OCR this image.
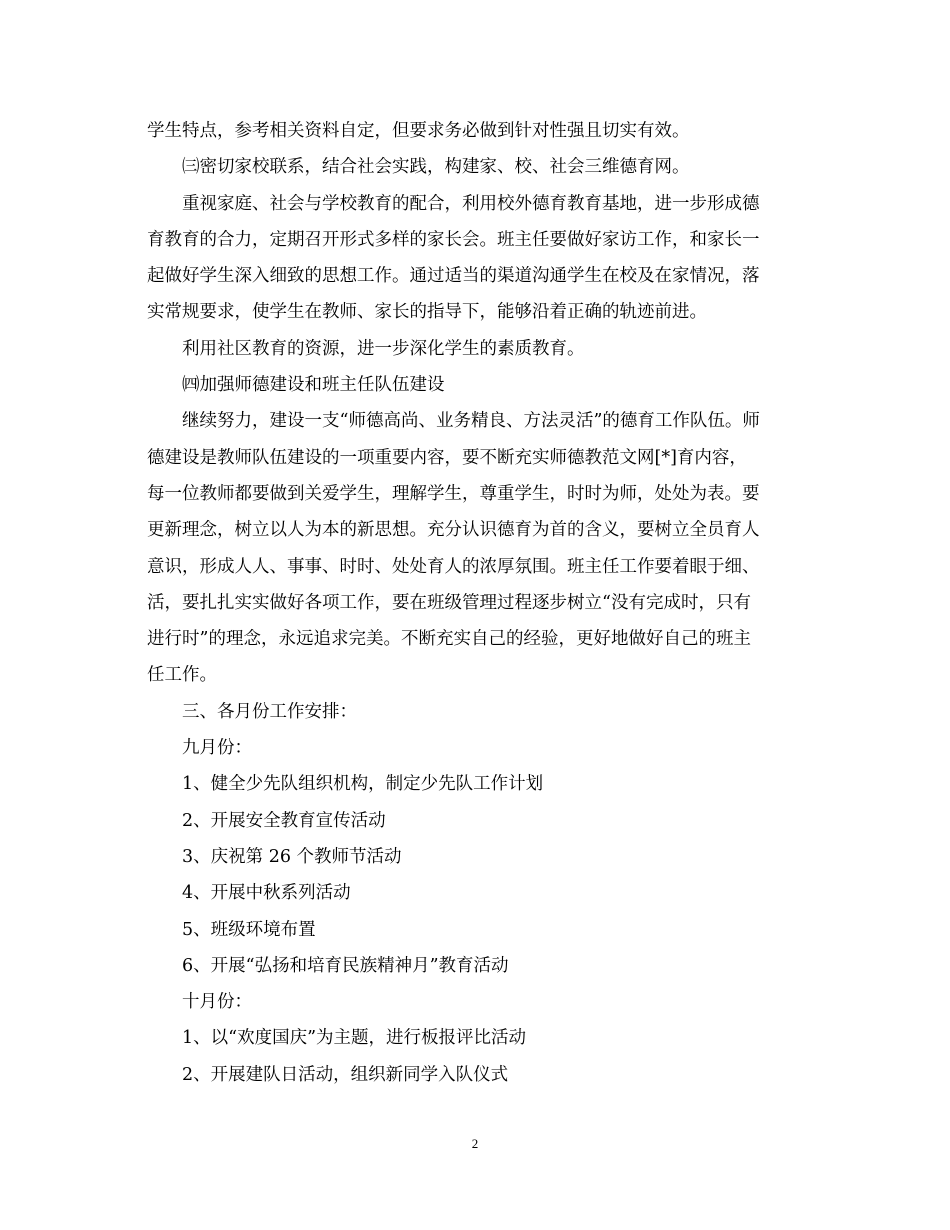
学生特点，参考相关资料自定，但要求务必做到针对性强且切实有效。
㈢密切家校联系，结合社会实践，构建家、校、社会三维德育网。
重视家庭、社会与学校教育的配合，利用校外德育教育基地，进一步形成德
育教育的合力，定期召开形式多样的家长会。班主任要做好家访工作，和家长一
起做好学生深入细致的思想工作。通过适当的渠道沟通学生在校及在家情况，落
实常规要求，使学生在教师、家长的指导下，能够沿着正确的轨迹前进。
利用社区教育的资源，进一步深化学生的素质教育。
㈣加强师德建设和班主任队伍建设
继续努力，建设一支“师德高尚、业务精良、方法灵活”的德育工作队伍。师
德建设是教师队伍建设的一项重要内容，要不断充实师德教范文网[*]育内容，
每一位教师都要做到关爱学生，理解学生，尊重学生，时时为师，处处为表。要
更新理念，树立以人为本的新思想。充分认识德育为首的含义，要树立全员育人
意识，形成人人、事事、时时、处处育人的浓厚氛围。班主任工作要着眼于细、
活，要扎扎实实做好各项工作，要在班级管理过程逐步树立“没有完成时，只有
进行时”的理念，永远追求完美。不断充实自己的经验，更好地做好自己的班主
任工作。
三、各月份工作安排：
九月份：
1、健全少先队组织机构，制定少先队工作计划
2、开展安全教育宣传活动
3、庆祝第 26 个教师节活动
4、开展中秋系列活动
5、班级环境布置
6、开展“弘扬和培育民族精神月”教育活动
十月份：
1、以“欢度国庆”为主题，进行板报评比活动
2、开展建队日活动，组织新同学入队仪式
2
